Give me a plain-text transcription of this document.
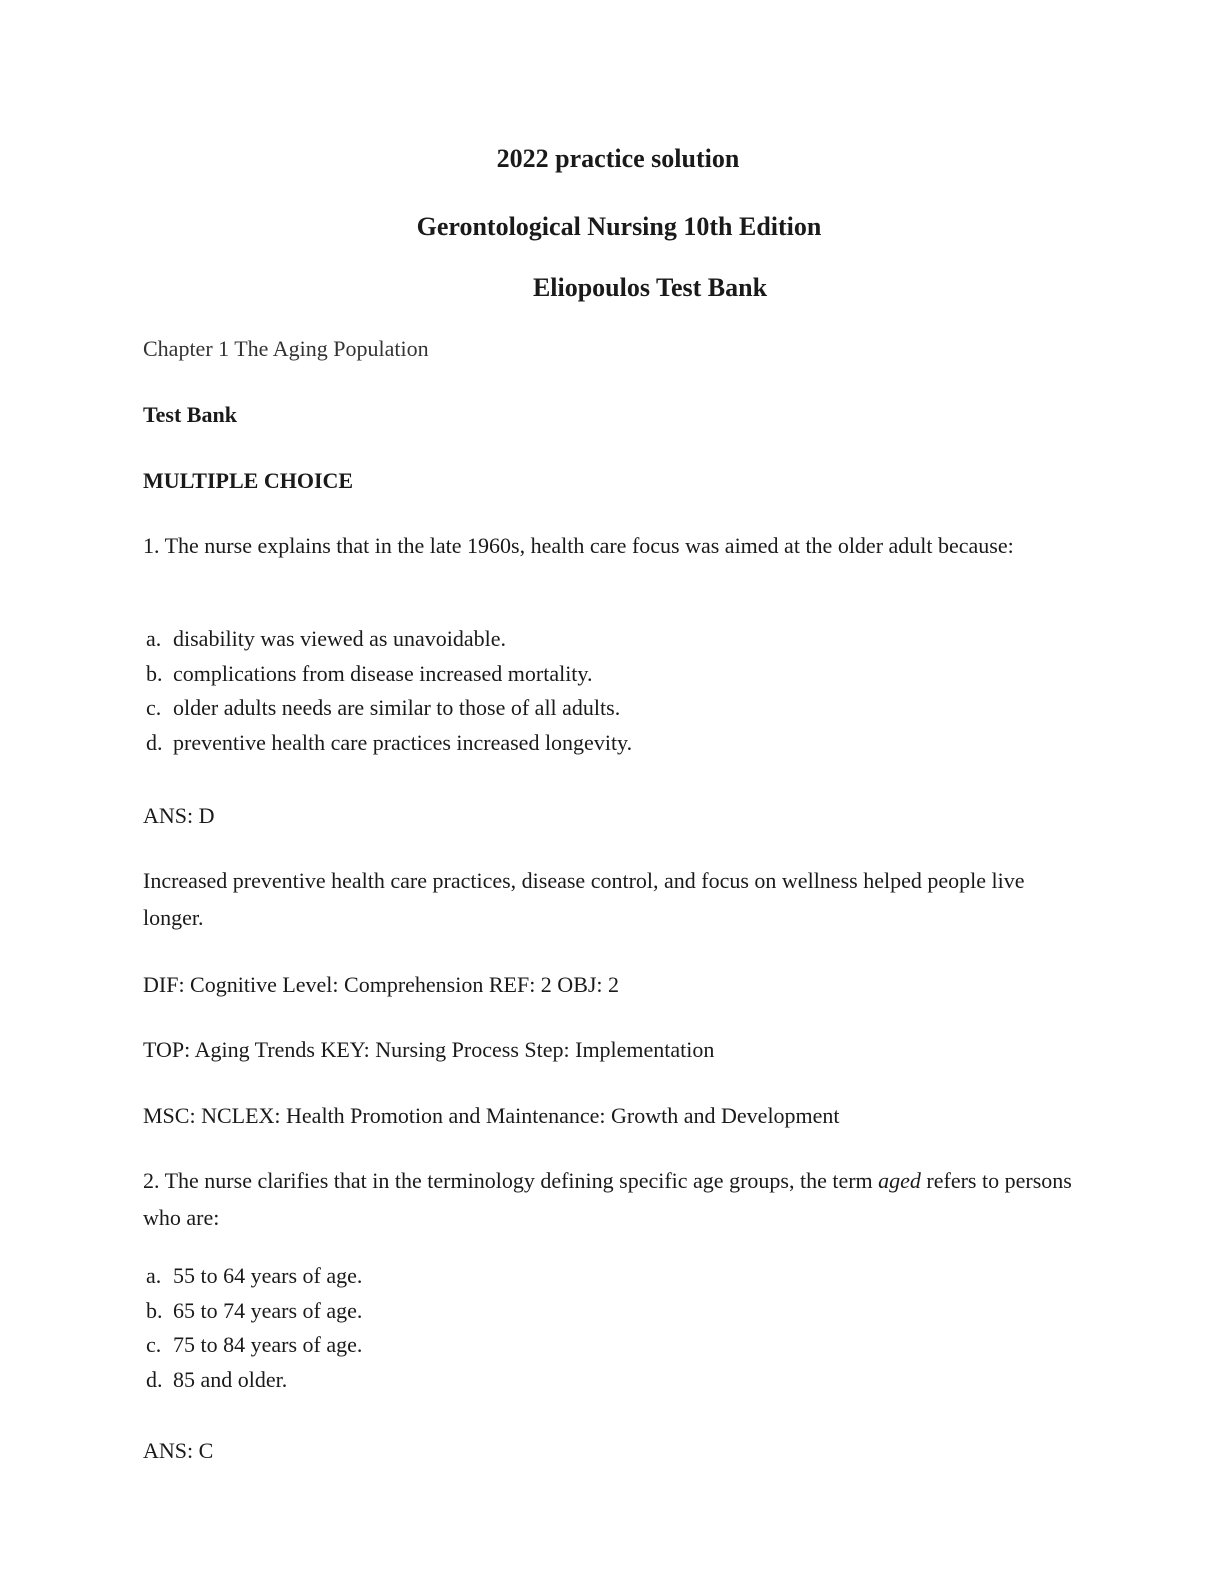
2022 practice solution
Gerontological Nursing 10th Edition
Eliopoulos Test Bank

Chapter 1 The Aging Population

Test Bank

MULTIPLE CHOICE

1. The nurse explains that in the late 1960s, health care focus was aimed at the older adult because:

a. disability was viewed as unavoidable.
b. complications from disease increased mortality.
c. older adults needs are similar to those of all adults.
d. preventive health care practices increased longevity.

ANS: D

Increased preventive health care practices, disease control, and focus on wellness helped people live longer.

DIF: Cognitive Level: Comprehension REF: 2 OBJ: 2

TOP: Aging Trends KEY: Nursing Process Step: Implementation

MSC: NCLEX: Health Promotion and Maintenance: Growth and Development

2. The nurse clarifies that in the terminology defining specific age groups, the term aged refers to persons who are:

a. 55 to 64 years of age.
b. 65 to 74 years of age.
c. 75 to 84 years of age.
d. 85 and older.

ANS: C
